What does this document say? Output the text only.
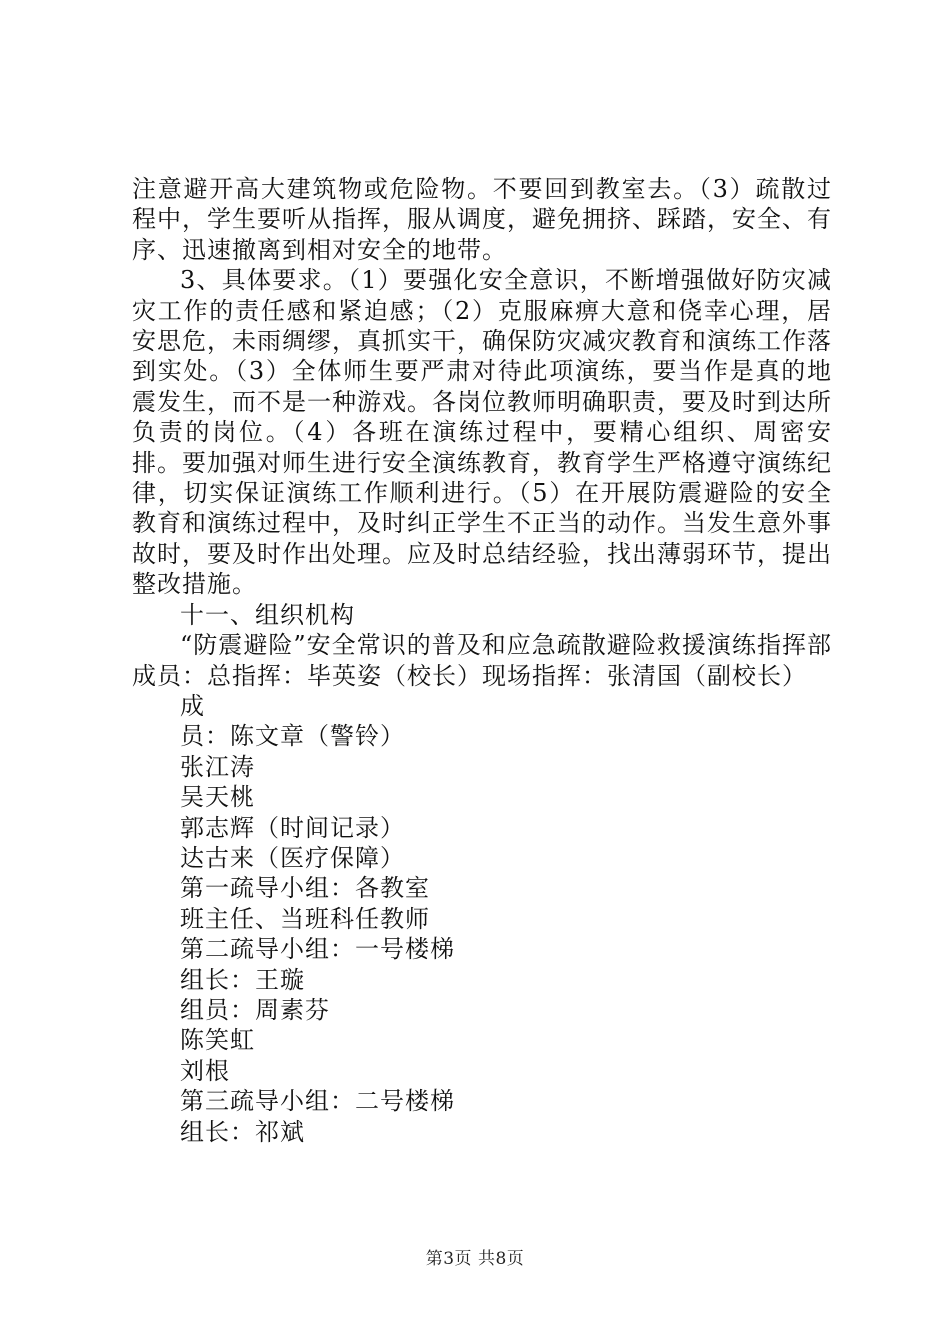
注意避开高大建筑物或危险物。不要回到教室去。（3）疏散过程中，学生要听从指挥，服从调度，避免拥挤、踩踏，安全、有序、迅速撤离到相对安全的地带。

3、具体要求。（1）要强化安全意识，不断增强做好防灾减灾工作的责任感和紧迫感；（2）克服麻痹大意和侥幸心理，居安思危，未雨绸缪，真抓实干，确保防灾减灾教育和演练工作落到实处。（3）全体师生要严肃对待此项演练，要当作是真的地震发生，而不是一种游戏。各岗位教师明确职责，要及时到达所负责的岗位。（4）各班在演练过程中，要精心组织、周密安排。要加强对师生进行安全演练教育，教育学生严格遵守演练纪律，切实保证演练工作顺利进行。（5）在开展防震避险的安全教育和演练过程中，及时纠正学生不正当的动作。当发生意外事故时，要及时作出处理。应及时总结经验，找出薄弱环节，提出整改措施。

十一、组织机构

“防震避险”安全常识的普及和应急疏散避险救援演练指挥部成员：总指挥：毕英姿（校长）现场指挥：张清国（副校长）

成

员：陈文章（警铃）

张江涛

吴天桃

郭志辉（时间记录）

达古来（医疗保障）

第一疏导小组：各教室

班主任、当班科任教师

第二疏导小组：一号楼梯

组长：王璇

组员：周素芬

陈笑虹

刘根

第三疏导小组：二号楼梯

组长：祁斌

第3页 共8页
